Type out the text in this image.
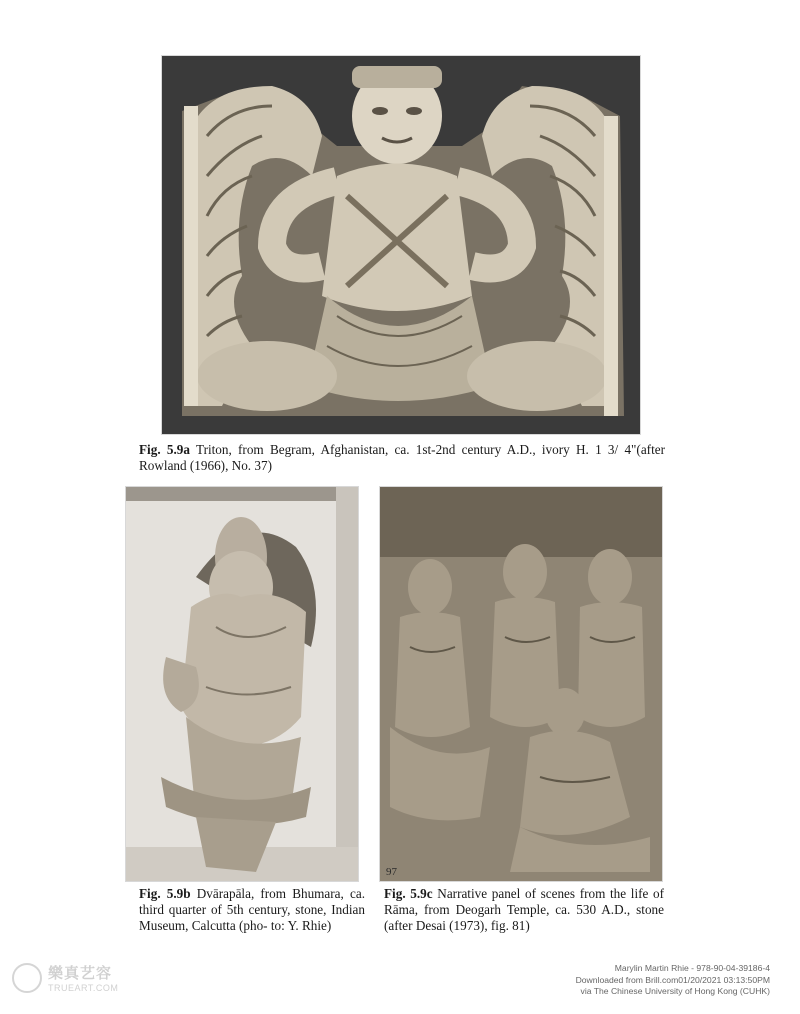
Fig. 5.9a Triton, from Begram, Afghanistan, ca. 1st-2nd century A.D., ivory H. 1 3/ 4"(after Rowland (1966), No. 37)

97

Fig. 5.9b Dvārapāla, from Bhumara, ca. third quarter of 5th century, stone, Indian Museum, Calcutta (pho- to: Y. Rhie)

Fig. 5.9c Narrative panel of scenes from the life of Rāma, from Deogarh Temple, ca. 530 A.D., stone (after Desai (1973), fig. 81)

樂真艺容
TRUEART.COM
Marylin Martin Rhie - 978-90-04-39186-4
Downloaded from Brill.com01/20/2021 03:13:50PM
via The Chinese University of Hong Kong (CUHK)
